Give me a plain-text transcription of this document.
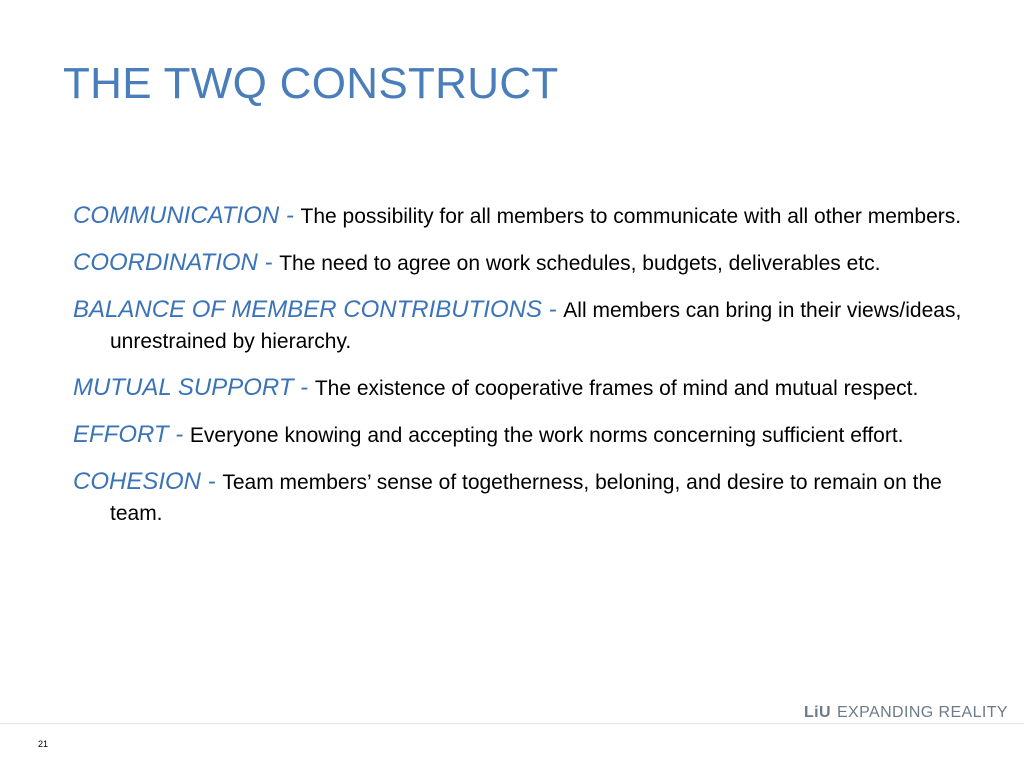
THE TWQ CONSTRUCT
COMMUNICATION - The possibility for all members to communicate with all other members.
COORDINATION - The need to agree on work schedules, budgets, deliverables etc.
BALANCE OF MEMBER CONTRIBUTIONS - All members can bring in their views/ideas, unrestrained by hierarchy.
MUTUAL SUPPORT - The existence of cooperative frames of mind and mutual respect.
EFFORT - Everyone knowing and accepting the work norms concerning sufficient effort.
COHESION - Team members’ sense of togetherness, beloning, and desire to remain on the team.
LiU EXPANDING REALITY
21
